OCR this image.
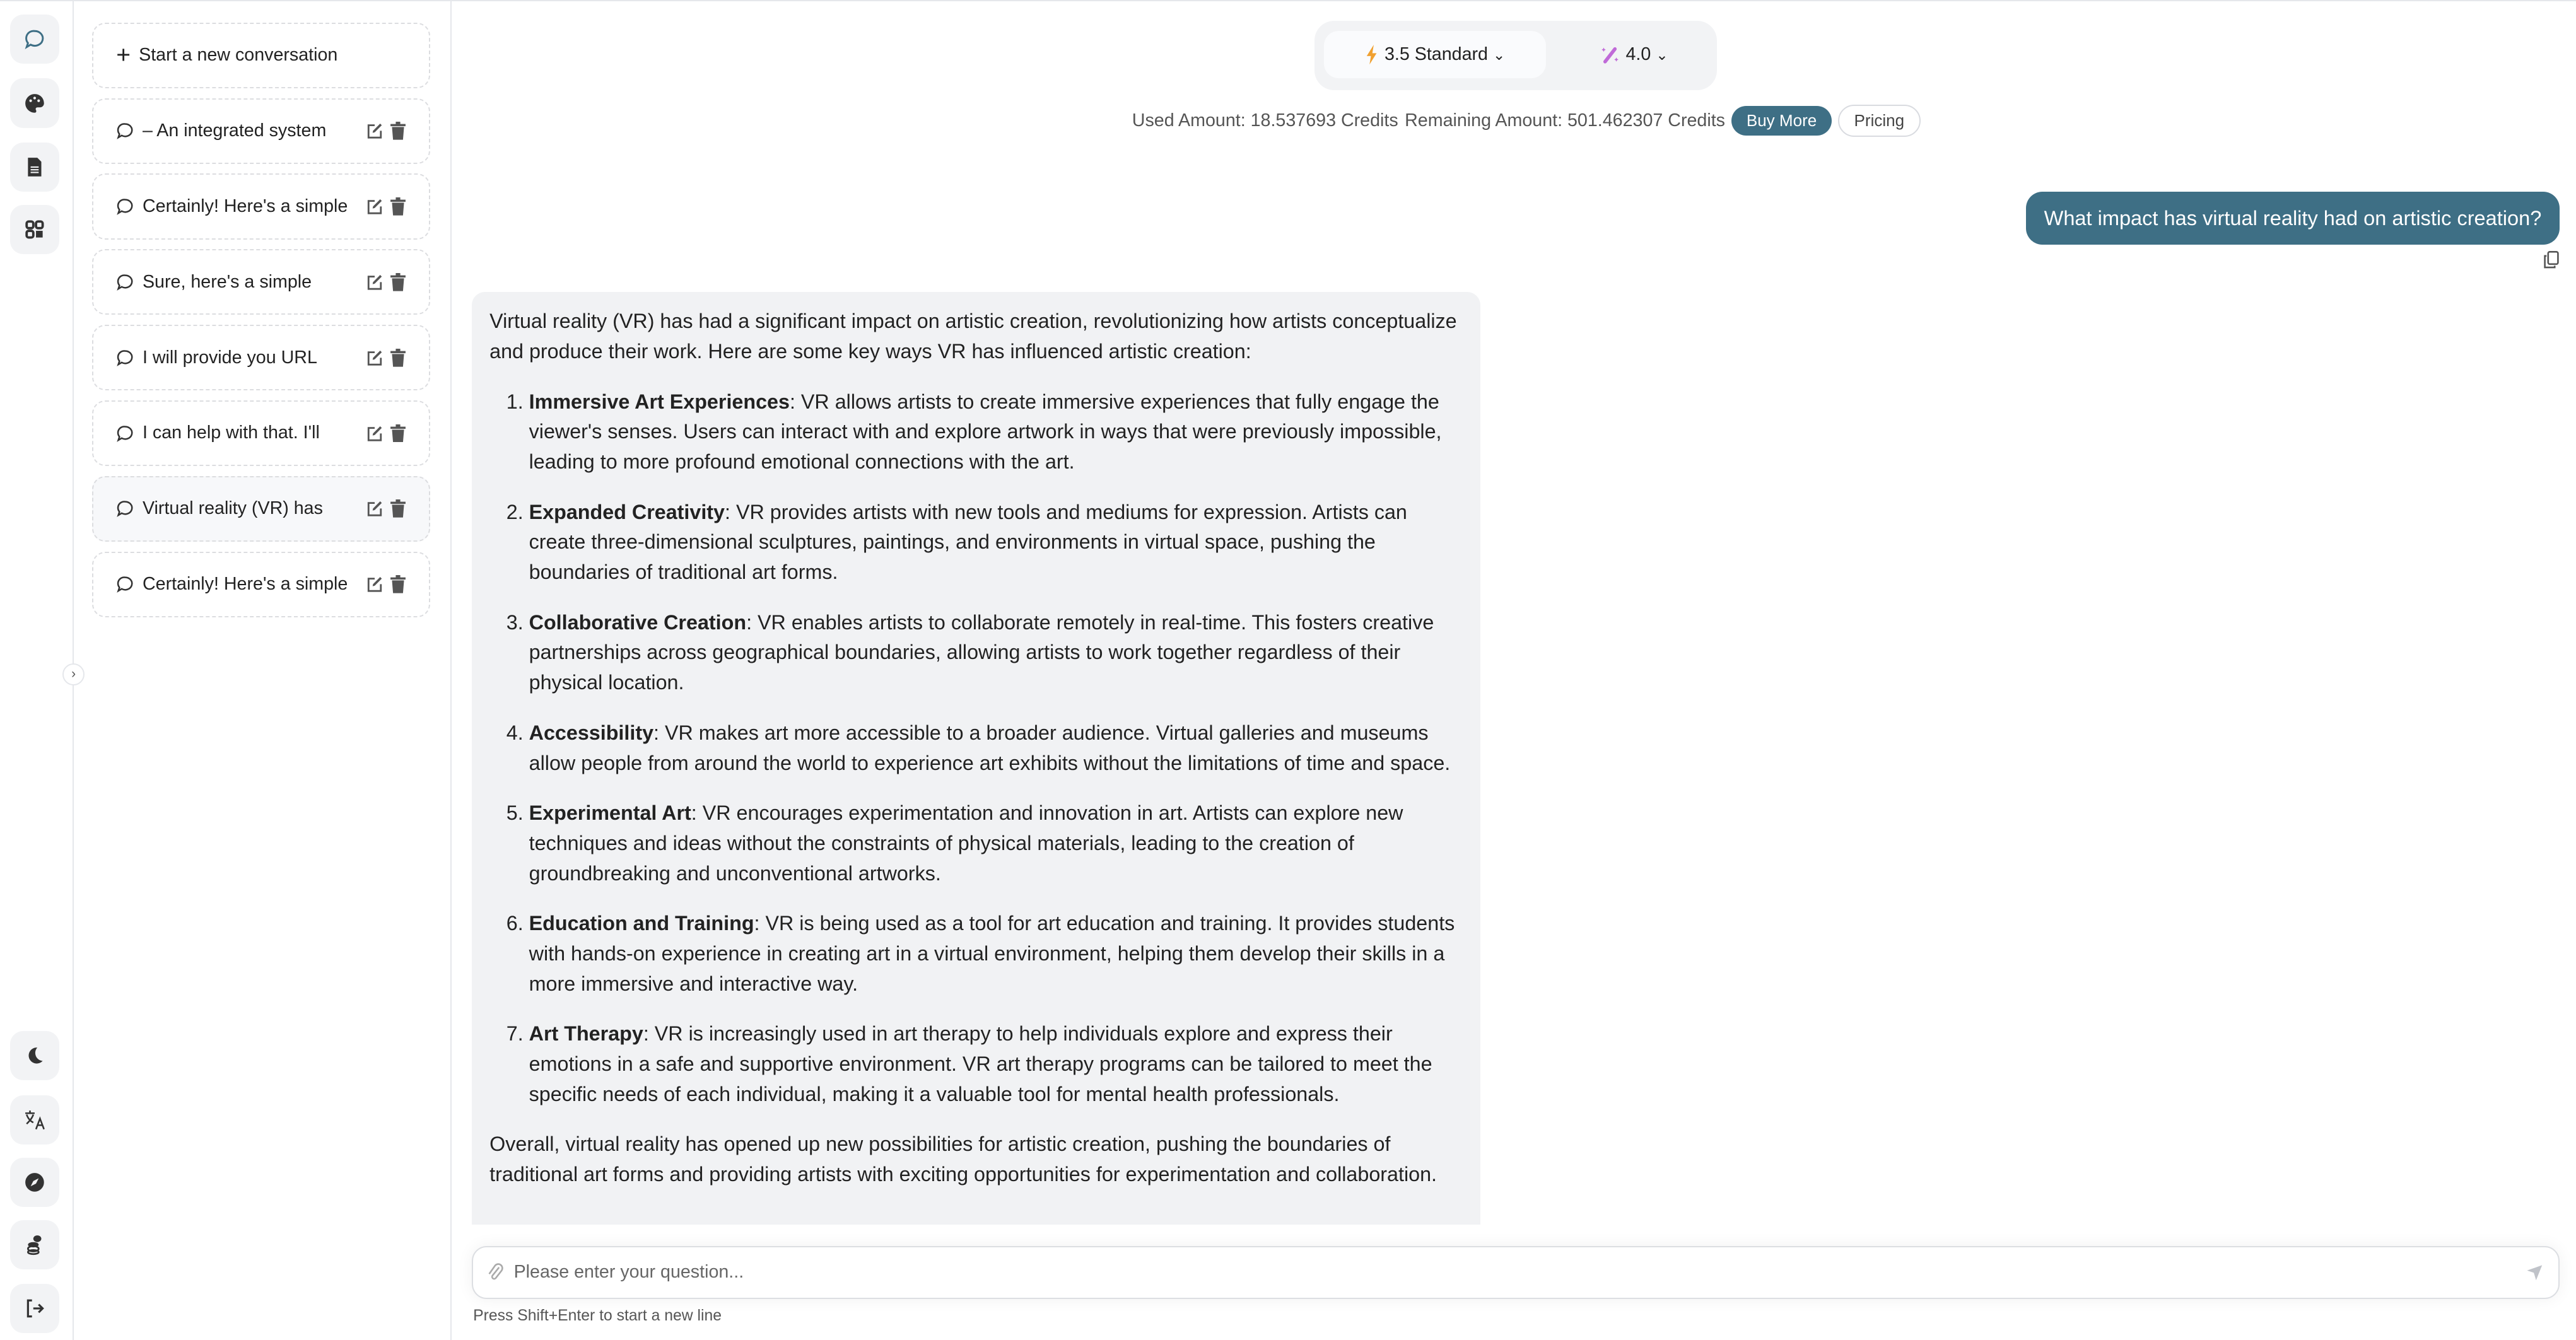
›
+ Start a new conversation
– An integrated system
Certainly! Here's a simple
Sure, here's a simple
I will provide you URL
I can help with that. I'll
Virtual reality (VR) has
Certainly! Here's a simple
3.5 Standard ⌄	4.0 ⌄
Used Amount: 18.537693 Credits Remaining Amount: 501.462307 Credits	Buy More	Pricing
What impact has virtual reality had on artistic creation?

Virtual reality (VR) has had a significant impact on artistic creation, revolutionizing how artists conceptualize and produce their work. Here are some key ways VR has influenced artistic creation:

1. Immersive Art Experiences: VR allows artists to create immersive experiences that fully engage the viewer's senses. Users can interact with and explore artwork in ways that were previously impossible, leading to more profound emotional connections with the art.
2. Expanded Creativity: VR provides artists with new tools and mediums for expression. Artists can create three-dimensional sculptures, paintings, and environments in virtual space, pushing the boundaries of traditional art forms.
3. Collaborative Creation: VR enables artists to collaborate remotely in real-time. This fosters creative partnerships across geographical boundaries, allowing artists to work together regardless of their physical location.
4. Accessibility: VR makes art more accessible to a broader audience. Virtual galleries and museums allow people from around the world to experience art exhibits without the limitations of time and space.
5. Experimental Art: VR encourages experimentation and innovation in art. Artists can explore new techniques and ideas without the constraints of physical materials, leading to the creation of groundbreaking and unconventional artworks.
6. Education and Training: VR is being used as a tool for art education and training. It provides students with hands-on experience in creating art in a virtual environment, helping them develop their skills in a more immersive and interactive way.
7. Art Therapy: VR is increasingly used in art therapy to help individuals explore and express their emotions in a safe and supportive environment. VR art therapy programs can be tailored to meet the specific needs of each individual, making it a valuable tool for mental health professionals.

Overall, virtual reality has opened up new possibilities for artistic creation, pushing the boundaries of traditional art forms and providing artists with exciting opportunities for experimentation and collaboration.

Please enter your question...
Press Shift+Enter to start a new line
